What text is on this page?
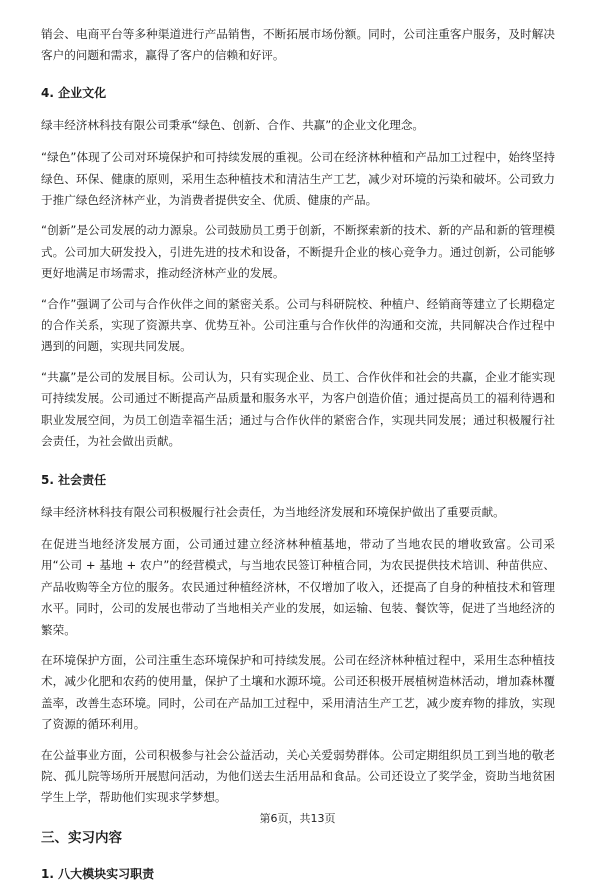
销会、电商平台等多种渠道进行产品销售，不断拓展市场份额。同时，公司注重客户服务，及时解决客户的问题和需求，赢得了客户的信赖和好评。

4. 企业文化

绿丰经济林科技有限公司秉承“绿色、创新、合作、共赢”的企业文化理念。

“绿色”体现了公司对环境保护和可持续发展的重视。公司在经济林种植和产品加工过程中，始终坚持绿色、环保、健康的原则，采用生态种植技术和清洁生产工艺，减少对环境的污染和破坏。公司致力于推广绿色经济林产业，为消费者提供安全、优质、健康的产品。

“创新”是公司发展的动力源泉。公司鼓励员工勇于创新，不断探索新的技术、新的产品和新的管理模式。公司加大研发投入，引进先进的技术和设备，不断提升企业的核心竞争力。通过创新，公司能够更好地满足市场需求，推动经济林产业的发展。

“合作”强调了公司与合作伙伴之间的紧密关系。公司与科研院校、种植户、经销商等建立了长期稳定的合作关系，实现了资源共享、优势互补。公司注重与合作伙伴的沟通和交流，共同解决合作过程中遇到的问题，实现共同发展。

“共赢”是公司的发展目标。公司认为，只有实现企业、员工、合作伙伴和社会的共赢，企业才能实现可持续发展。公司通过不断提高产品质量和服务水平，为客户创造价值；通过提高员工的福利待遇和职业发展空间，为员工创造幸福生活；通过与合作伙伴的紧密合作，实现共同发展；通过积极履行社会责任，为社会做出贡献。

5. 社会责任

绿丰经济林科技有限公司积极履行社会责任，为当地经济发展和环境保护做出了重要贡献。

在促进当地经济发展方面，公司通过建立经济林种植基地，带动了当地农民的增收致富。公司采用“公司 + 基地 + 农户”的经营模式，与当地农民签订种植合同，为农民提供技术培训、种苗供应、产品收购等全方位的服务。农民通过种植经济林，不仅增加了收入，还提高了自身的种植技术和管理水平。同时，公司的发展也带动了当地相关产业的发展，如运输、包装、餐饮等，促进了当地经济的繁荣。

在环境保护方面，公司注重生态环境保护和可持续发展。公司在经济林种植过程中，采用生态种植技术，减少化肥和农药的使用量，保护了土壤和水源环境。公司还积极开展植树造林活动，增加森林覆盖率，改善生态环境。同时，公司在产品加工过程中，采用清洁生产工艺，减少废弃物的排放，实现了资源的循环利用。

在公益事业方面，公司积极参与社会公益活动，关心关爱弱势群体。公司定期组织员工到当地的敬老院、孤儿院等场所开展慰问活动，为他们送去生活用品和食品。公司还设立了奖学金，资助当地贫困学生上学，帮助他们实现求学梦想。

三、实习内容
1. 八大模块实习职责
第6页，共13页
